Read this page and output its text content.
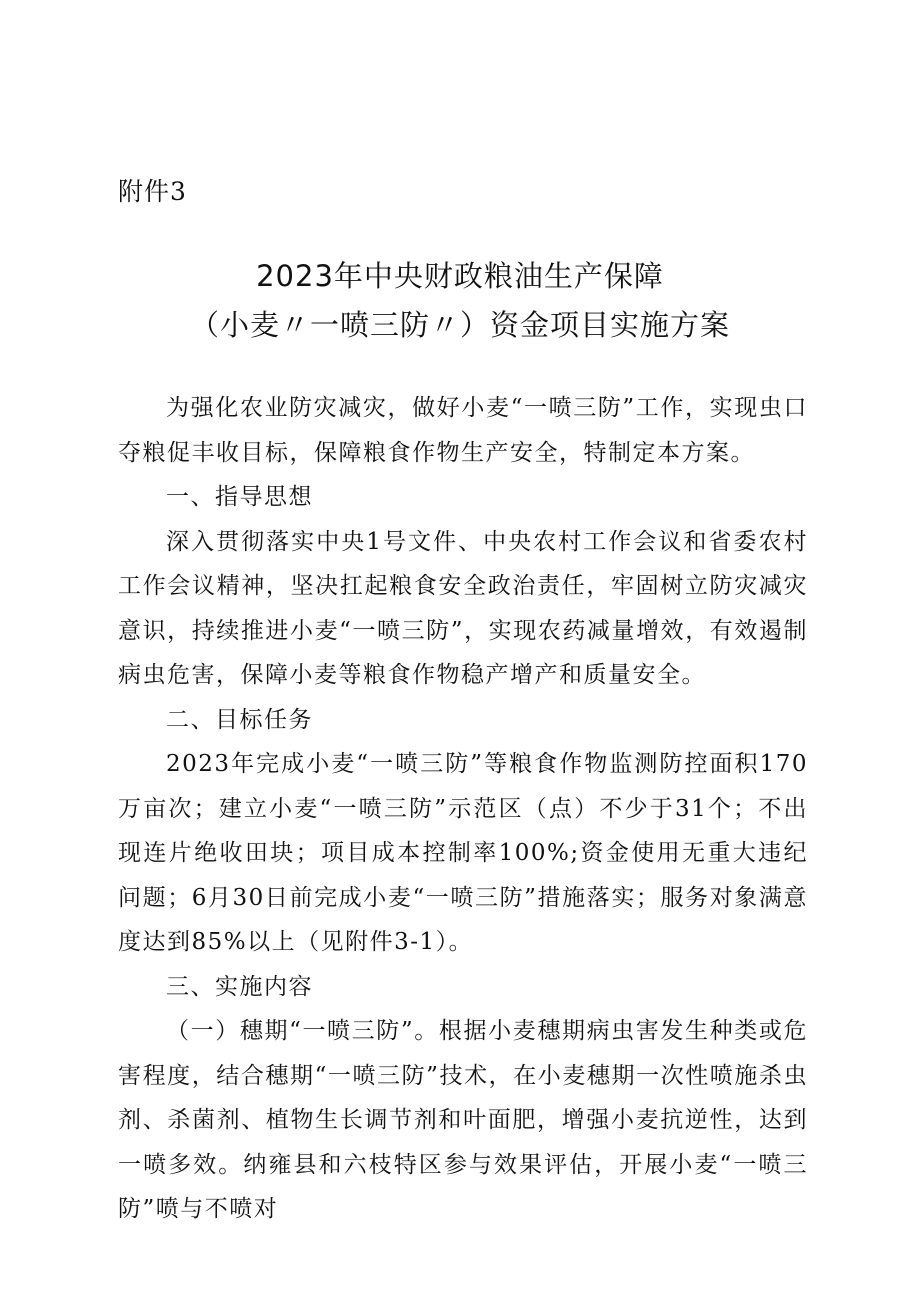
附件3
2023年中央财政粮油生产保障
（小麦〃一喷三防〃）资金项目实施方案

为强化农业防灾减灾，做好小麦“一喷三防”工作，实现虫口夺粮促丰收目标，保障粮食作物生产安全，特制定本方案。

一、指导思想

深入贯彻落实中央1号文件、中央农村工作会议和省委农村工作会议精神，坚决扛起粮食安全政治责任，牢固树立防灾减灾意识，持续推进小麦“一喷三防”，实现农药减量增效，有效遏制病虫危害，保障小麦等粮食作物稳产增产和质量安全。

二、目标任务

2023年完成小麦“一喷三防”等粮食作物监测防控面积170万亩次；建立小麦“一喷三防”示范区（点）不少于31个；不出现连片绝收田块；项目成本控制率100%;资金使用无重大违纪问题；6月30日前完成小麦“一喷三防”措施落实；服务对象满意度达到85%以上（见附件3-1）。

三、实施内容

（一）穗期“一喷三防”。根据小麦穗期病虫害发生种类或危害程度，结合穗期“一喷三防”技术，在小麦穗期一次性喷施杀虫剂、杀菌剂、植物生长调节剂和叶面肥，增强小麦抗逆性，达到一喷多效。纳雍县和六枝特区参与效果评估，开展小麦“一喷三防”喷与不喷对
